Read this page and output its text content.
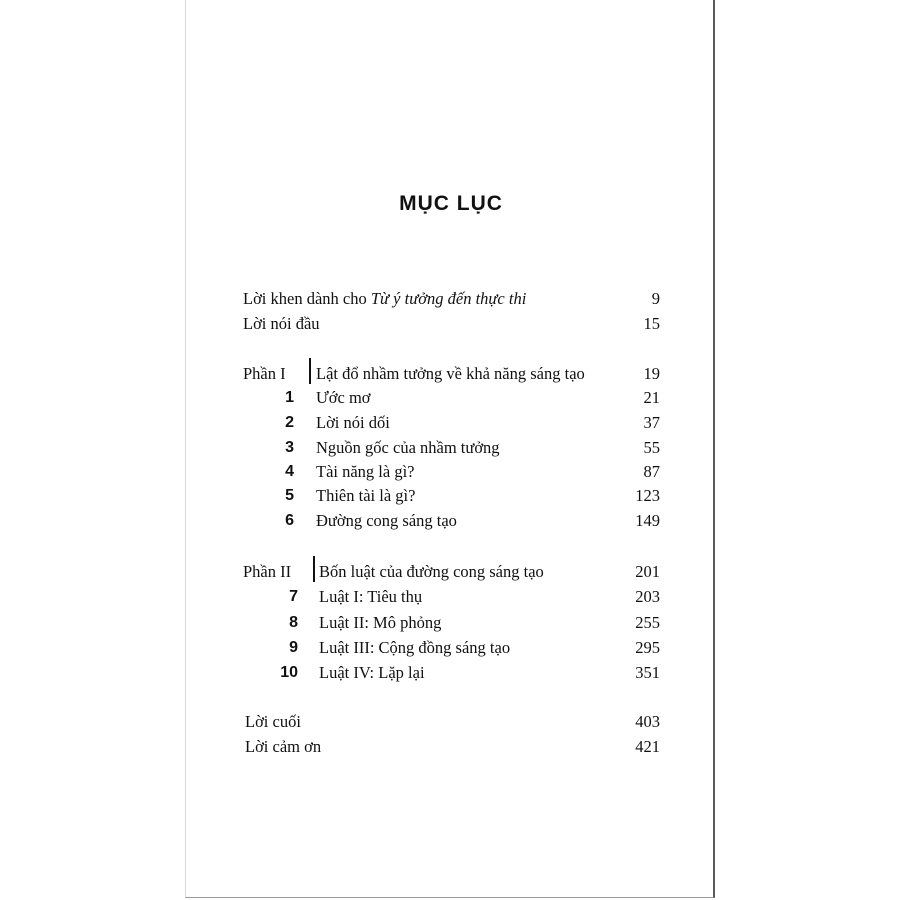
MỤC LỤC
Lời khen dành cho Từ ý tưởng đến thực thi	9
Lời nói đầu	15
Phần I Lật đổ nhầm tưởng về khả năng sáng tạo	19
1 Ước mơ	21
2 Lời nói dối	37
3 Nguồn gốc của nhầm tưởng	55
4 Tài năng là gì?	87
5 Thiên tài là gì?	123
6 Đường cong sáng tạo	149
Phần II Bốn luật của đường cong sáng tạo	201
7 Luật I: Tiêu thụ	203
8 Luật II: Mô phỏng	255
9 Luật III: Cộng đồng sáng tạo	295
10 Luật IV: Lặp lại	351
Lời cuối	403
Lời cảm ơn	421
